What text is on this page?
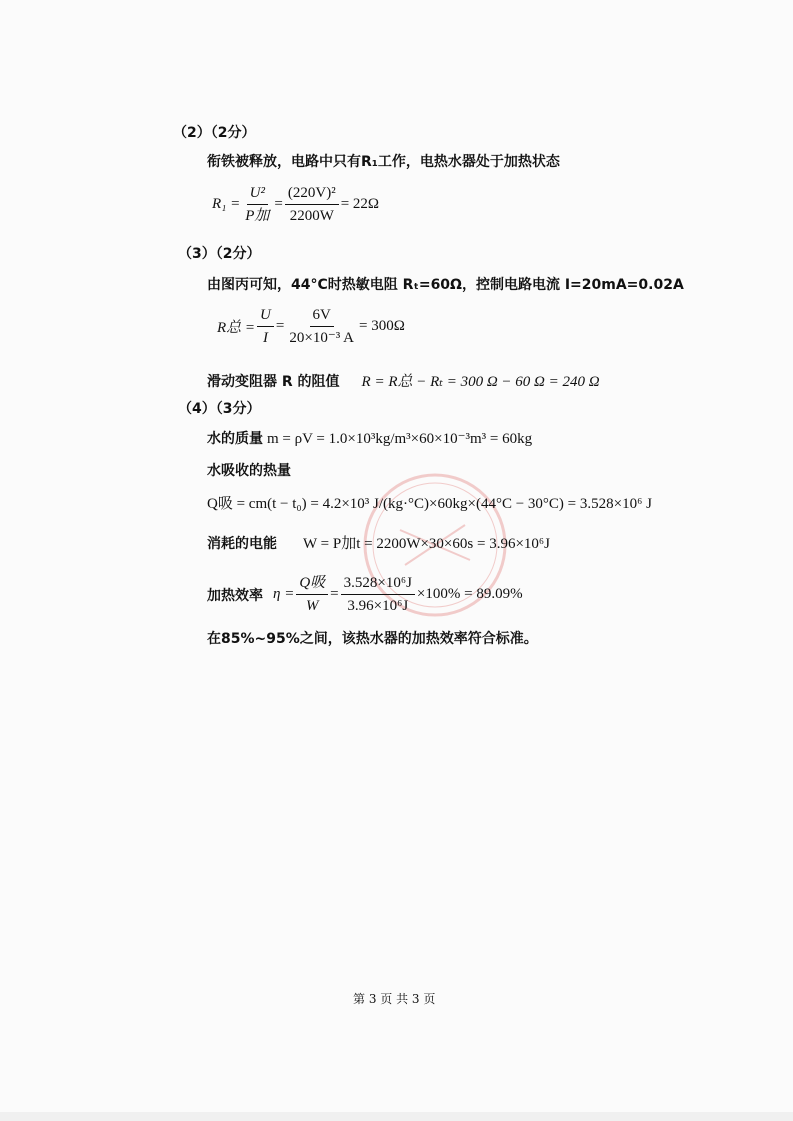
（2）（2分）
衔铁被释放，电路中只有R₁工作，电热水器处于加热状态
$R_1 = \frac{\text{U²}}{\text{P加}} = \frac{\text{(220V)²}}{2200W} = 22\Omega$
（3）（2分）
由图丙可知，44°C时热敏电阻 Rₜ=60Ω，控制电路电流 I=20mA=0.02A
R总 = $\frac{U}{I} = \frac{6V}{\text{20×10⁻³ A}} = 300\Omega$
滑动变阻器 R 的阻值 R = R总 − Rₜ = 300 Ω − 60 Ω = 240 Ω
（4）（3分）
水的质量 m = ρV = 1.0×10³kg/m³×60×10⁻³m³ = 60kg
水吸收的热量
Q吸 = cm(t − t₀) = 4.2×10³ J/(kg·°C)×60kg×(44°C − 30°C) = 3.528×10⁶ J
消耗的电能 W = P加t = 2200W×30×60s = 3.96×10⁶J
加热效率 $\eta = \frac{\text{Q吸}}{W} = \frac{\text{3.528×10⁶J}}{\text{3.96×10⁶J}} \times 100\% = 89.09\%$
在85%~95%之间，该热水器的加热效率符合标准。
第 3 页 共 3 页
